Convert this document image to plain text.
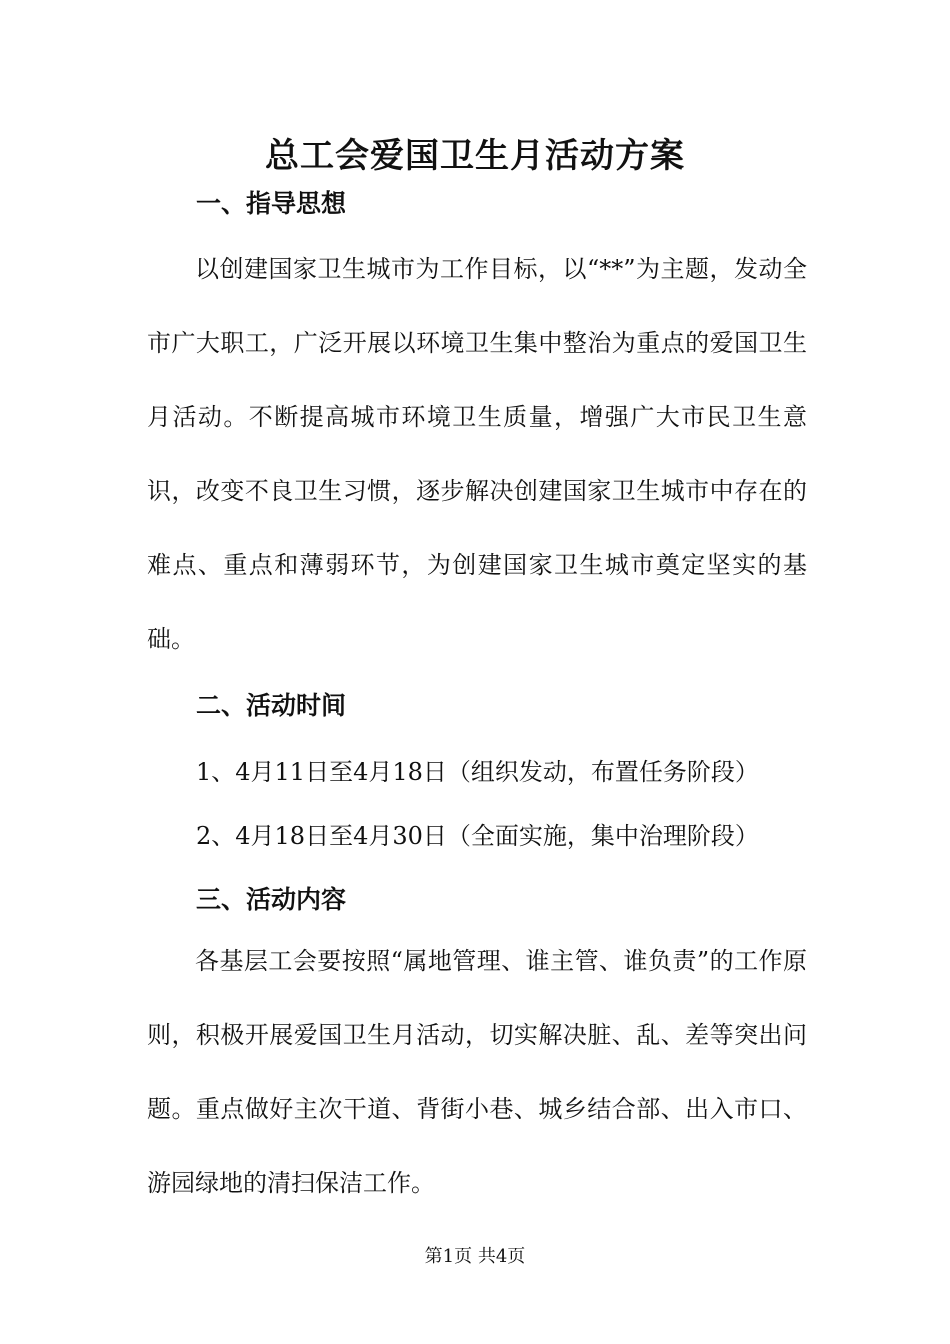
总工会爱国卫生月活动方案
一、指导思想

以创建国家卫生城市为工作目标，以“**”为主题，发动全市广大职工，广泛开展以环境卫生集中整治为重点的爱国卫生月活动。不断提高城市环境卫生质量，增强广大市民卫生意识，改变不良卫生习惯，逐步解决创建国家卫生城市中存在的难点、重点和薄弱环节，为创建国家卫生城市奠定坚实的基础。

二、活动时间
1、4月11日至4月18日（组织发动，布置任务阶段）
2、4月18日至4月30日（全面实施，集中治理阶段）
三、活动内容

各基层工会要按照“属地管理、谁主管、谁负责”的工作原则，积极开展爱国卫生月活动，切实解决脏、乱、差等突出问题。重点做好主次干道、背街小巷、城乡结合部、出入市口、游园绿地的清扫保洁工作。

第1页 共4页
